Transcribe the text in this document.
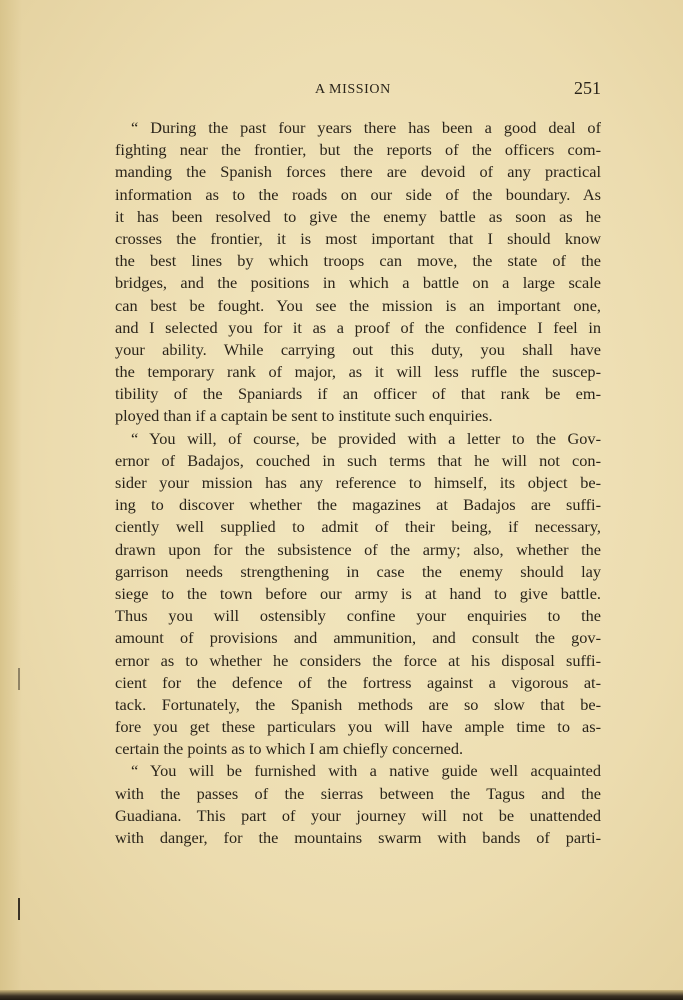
A MISSION	251
“ During the past four years there has been a good deal of
fighting near the frontier, but the reports of the officers com-
manding the Spanish forces there are devoid of any practical
information as to the roads on our side of the boundary. As
it has been resolved to give the enemy battle as soon as he
crosses the frontier, it is most important that I should know
the best lines by which troops can move, the state of the
bridges, and the positions in which a battle on a large scale
can best be fought. You see the mission is an important one,
and I selected you for it as a proof of the confidence I feel in
your ability. While carrying out this duty, you shall have
the temporary rank of major, as it will less ruffle the suscep-
tibility of the Spaniards if an officer of that rank be em-
ployed than if a captain be sent to institute such enquiries.
“ You will, of course, be provided with a letter to the Gov-
ernor of Badajos, couched in such terms that he will not con-
sider your mission has any reference to himself, its object be-
ing to discover whether the magazines at Badajos are suffi-
ciently well supplied to admit of their being, if necessary,
drawn upon for the subsistence of the army; also, whether the
garrison needs strengthening in case the enemy should lay
siege to the town before our army is at hand to give battle.
Thus you will ostensibly confine your enquiries to the
amount of provisions and ammunition, and consult the gov-
ernor as to whether he considers the force at his disposal suffi-
cient for the defence of the fortress against a vigorous at-
tack. Fortunately, the Spanish methods are so slow that be-
fore you get these particulars you will have ample time to as-
certain the points as to which I am chiefly concerned.
“ You will be furnished with a native guide well acquainted
with the passes of the sierras between the Tagus and the
Guadiana. This part of your journey will not be unattended
with danger, for the mountains swarm with bands of parti-
